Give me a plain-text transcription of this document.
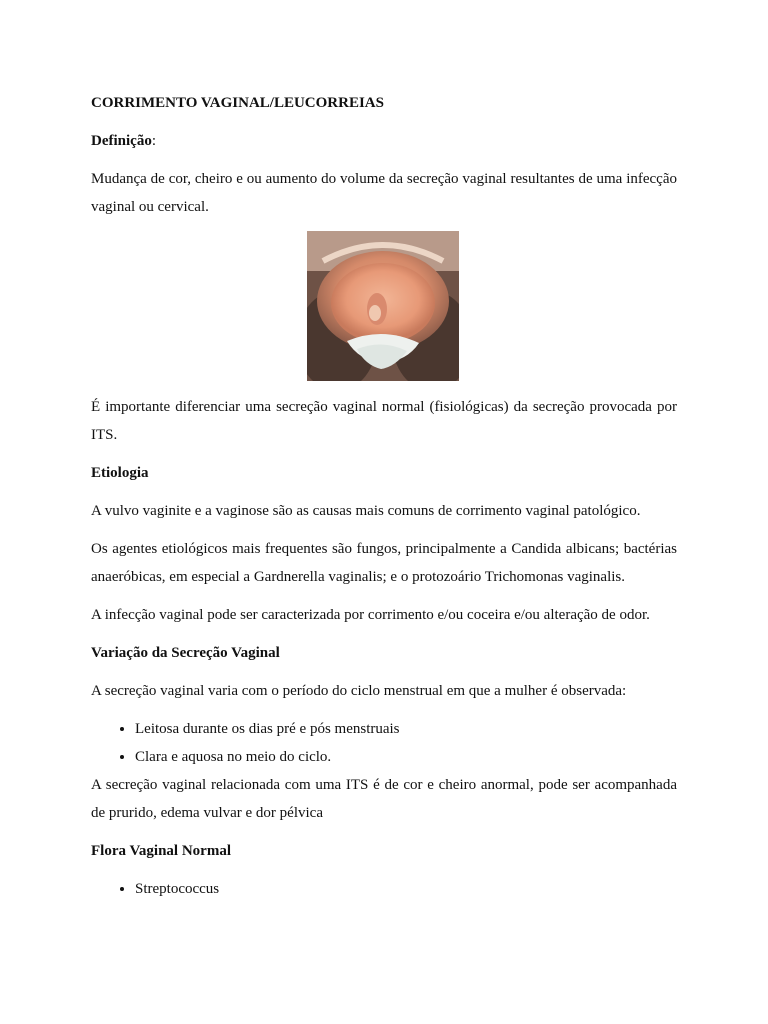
CORRIMENTO VAGINAL/LEUCORREIAS

Definição:

Mudança de cor, cheiro e ou aumento do volume da secreção vaginal resultantes de uma infecção vaginal ou cervical.

É importante diferenciar uma secreção vaginal normal (fisiológicas) da secreção provocada por ITS.

Etiologia

A vulvo vaginite e a vaginose são as causas mais comuns de corrimento vaginal patológico.

Os agentes etiológicos mais frequentes são fungos, principalmente a Candida albicans; bactérias anaeróbicas, em especial a Gardnerella vaginalis; e o protozoário Trichomonas vaginalis.

A infecção vaginal pode ser caracterizada por corrimento e/ou coceira e/ou alteração de odor.

Variação da Secreção Vaginal

A secreção vaginal varia com o período do ciclo menstrual em que a mulher é observada:

• Leitosa durante os dias pré e pós menstruais
• Clara e aquosa no meio do ciclo.

A secreção vaginal relacionada com uma ITS é de cor e cheiro anormal, pode ser acompanhada de prurido, edema vulvar e dor pélvica

Flora Vaginal Normal
• Streptococcus
